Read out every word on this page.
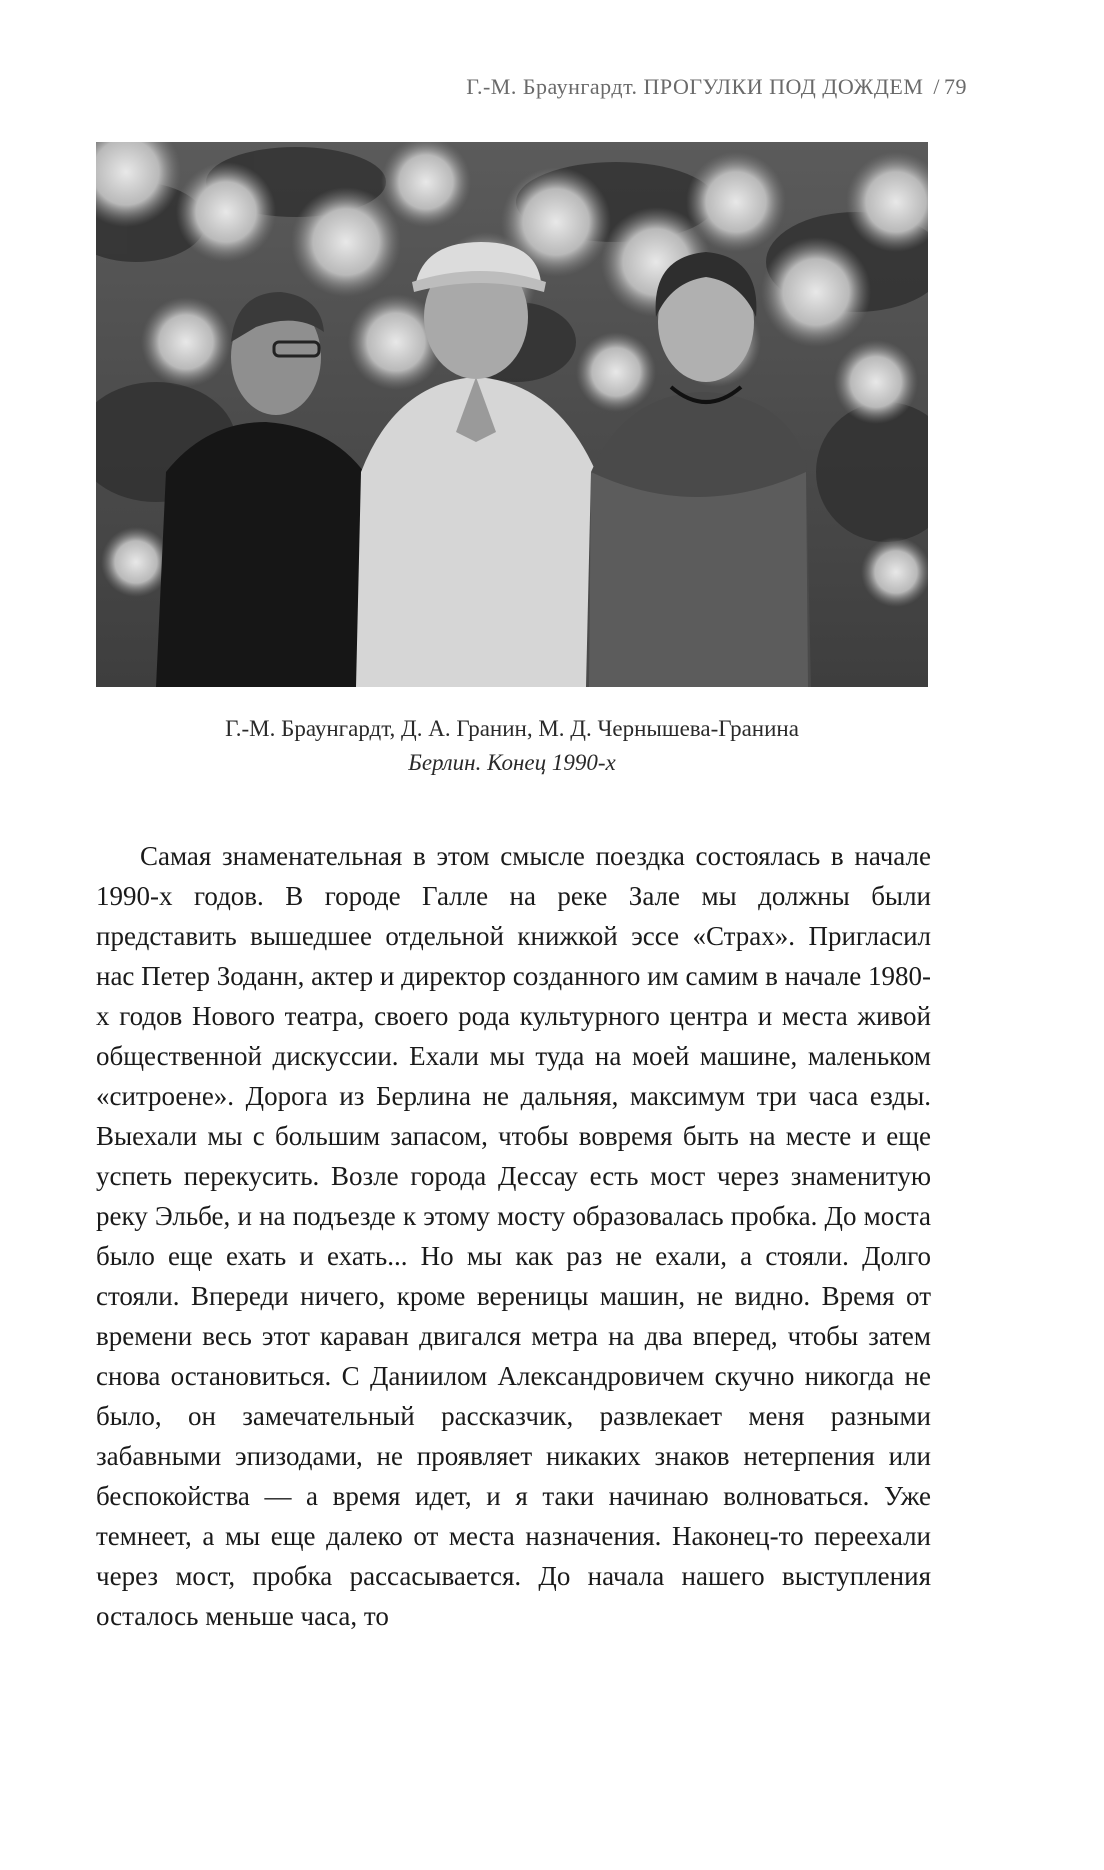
Г.-М. Браунгардт. ПРОГУЛКИ ПОД ДОЖДЕМ / 79
Г.-М. Браунгардт, Д. А. Гранин, М. Д. Чернышева-Гранина
Берлин. Конец 1990-х

Самая знаменательная в этом смысле поездка состоялась в начале 1990-х годов. В городе Галле на реке Зале мы должны были представить вышедшее отдельной книжкой эссе «Страх». Пригласил нас Петер Зоданн, актер и директор созданного им самим в начале 1980-х годов Нового театра, своего рода культурного центра и места живой общественной дискуссии. Ехали мы туда на моей машине, маленьком «ситроене». Дорога из Берлина не дальняя, максимум три часа езды. Выехали мы с большим запасом, чтобы вовремя быть на месте и еще успеть перекусить. Возле города Дессау есть мост через знаменитую реку Эльбе, и на подъезде к этому мосту образовалась пробка. До моста было еще ехать и ехать... Но мы как раз не ехали, а стояли. Долго стояли. Впереди ничего, кроме вереницы машин, не видно. Время от времени весь этот караван двигался метра на два вперед, чтобы затем снова остановиться. С Даниилом Александровичем скучно никогда не было, он замечательный рассказчик, развлекает меня разными забавными эпизодами, не проявляет никаких знаков нетерпения или беспокойства — а время идет, и я таки начинаю волноваться. Уже темнеет, а мы еще далеко от места назначения. Наконец-то переехали через мост, пробка рассасывается. До начала нашего выступления осталось меньше часа, то
